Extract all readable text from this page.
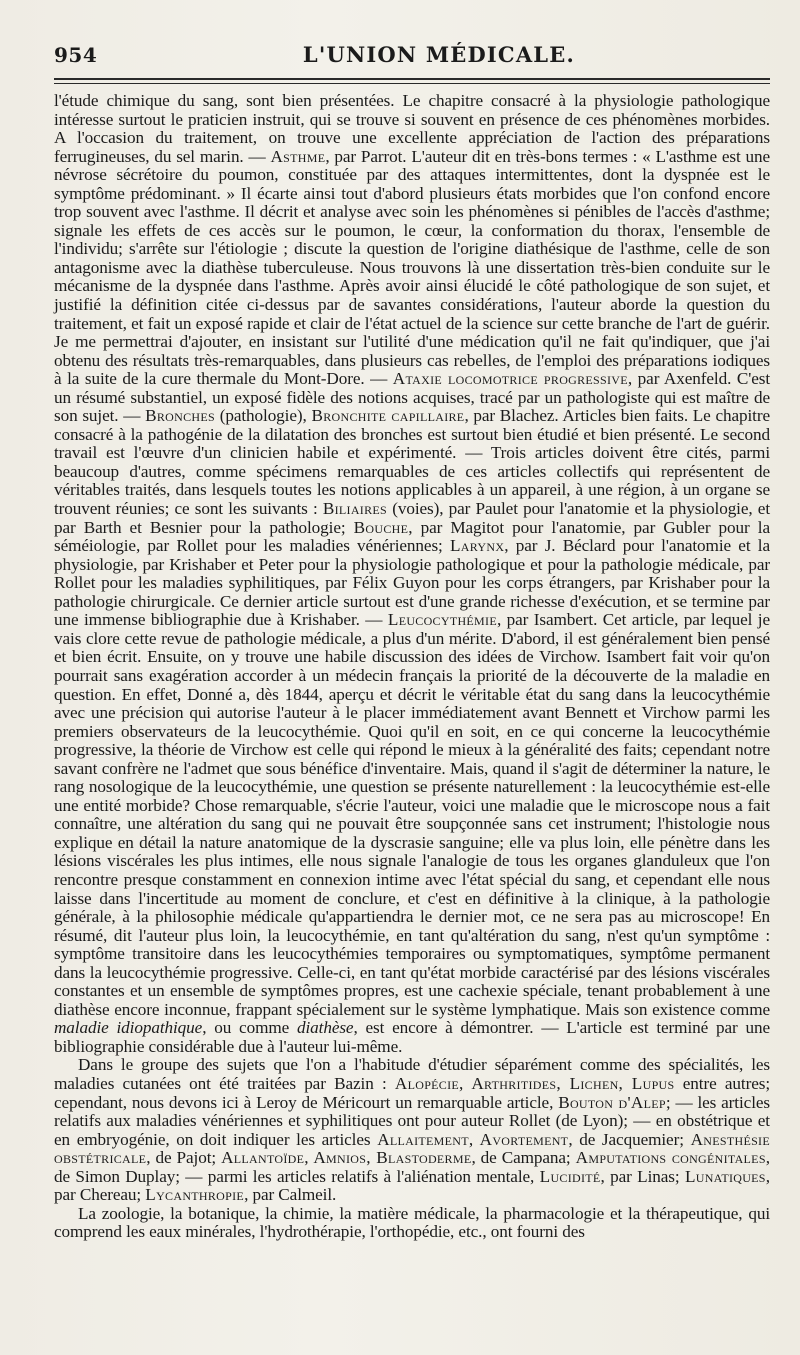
954	L'UNION MÉDICALE.

l'étude chimique du sang, sont bien présentées. Le chapitre consacré à la physiologie pathologique intéresse surtout le praticien instruit, qui se trouve si souvent en présence de ces phénomènes morbides. A l'occasion du traitement, on trouve une excellente appréciation de l'action des préparations ferrugineuses, du sel marin. — Asthme, par Parrot. L'auteur dit en très-bons termes : « L'asthme est une névrose sécrétoire du poumon, constituée par des attaques intermittentes, dont la dyspnée est le symptôme prédominant. » Il écarte ainsi tout d'abord plusieurs états morbides que l'on confond encore trop souvent avec l'asthme. Il décrit et analyse avec soin les phénomènes si pénibles de l'accès d'asthme; signale les effets de ces accès sur le poumon, le cœur, la conformation du thorax, l'ensemble de l'individu; s'arrête sur l'étiologie ; discute la question de l'origine diathésique de l'asthme, celle de son antagonisme avec la diathèse tuberculeuse. Nous trouvons là une dissertation très-bien conduite sur le mécanisme de la dyspnée dans l'asthme. Après avoir ainsi élucidé le côté pathologique de son sujet, et justifié la définition citée ci-dessus par de savantes considérations, l'auteur aborde la question du traitement, et fait un exposé rapide et clair de l'état actuel de la science sur cette branche de l'art de guérir. Je me permettrai d'ajouter, en insistant sur l'utilité d'une médication qu'il ne fait qu'indiquer, que j'ai obtenu des résultats très-remarquables, dans plusieurs cas rebelles, de l'emploi des préparations iodiques à la suite de la cure thermale du Mont-Dore. — Ataxie locomotrice progressive, par Axenfeld. C'est un résumé substantiel, un exposé fidèle des notions acquises, tracé par un pathologiste qui est maître de son sujet. — Bronches (pathologie), Bronchite capillaire, par Blachez. Articles bien faits. Le chapitre consacré à la pathogénie de la dilatation des bronches est surtout bien étudié et bien présenté. Le second travail est l'œuvre d'un clinicien habile et expérimenté. — Trois articles doivent être cités, parmi beaucoup d'autres, comme spécimens remarquables de ces articles collectifs qui représentent de véritables traités, dans lesquels toutes les notions applicables à un appareil, à une région, à un organe se trouvent réunies; ce sont les suivants : Biliaires (voies), par Paulet pour l'anatomie et la physiologie, et par Barth et Besnier pour la pathologie; Bouche, par Magitot pour l'anatomie, par Gubler pour la séméiologie, par Rollet pour les maladies vénériennes; Larynx, par J. Béclard pour l'anatomie et la physiologie, par Krishaber et Peter pour la physiologie pathologique et pour la pathologie médicale, par Rollet pour les maladies syphilitiques, par Félix Guyon pour les corps étrangers, par Krishaber pour la pathologie chirurgicale. Ce dernier article surtout est d'une grande richesse d'exécution, et se termine par une immense bibliographie due à Krishaber. — Leucocythémie, par Isambert. Cet article, par lequel je vais clore cette revue de pathologie médicale, a plus d'un mérite. D'abord, il est généralement bien pensé et bien écrit. Ensuite, on y trouve une habile discussion des idées de Virchow. Isambert fait voir qu'on pourrait sans exagération accorder à un médecin français la priorité de la découverte de la maladie en question. En effet, Donné a, dès 1844, aperçu et décrit le véritable état du sang dans la leucocythémie avec une précision qui autorise l'auteur à le placer immédiatement avant Bennett et Virchow parmi les premiers observateurs de la leucocythémie. Quoi qu'il en soit, en ce qui concerne la leucocythémie progressive, la théorie de Virchow est celle qui répond le mieux à la généralité des faits; cependant notre savant confrère ne l'admet que sous bénéfice d'inventaire. Mais, quand il s'agit de déterminer la nature, le rang nosologique de la leucocythémie, une question se présente naturellement : la leucocythémie est-elle une entité morbide? Chose remarquable, s'écrie l'auteur, voici une maladie que le microscope nous a fait connaître, une altération du sang qui ne pouvait être soupçonnée sans cet instrument; l'histologie nous explique en détail la nature anatomique de la dyscrasie sanguine; elle va plus loin, elle pénètre dans les lésions viscérales les plus intimes, elle nous signale l'analogie de tous les organes glanduleux que l'on rencontre presque constamment en connexion intime avec l'état spécial du sang, et cependant elle nous laisse dans l'incertitude au moment de conclure, et c'est en définitive à la clinique, à la pathologie générale, à la philosophie médicale qu'appartiendra le dernier mot, ce ne sera pas au microscope! En résumé, dit l'auteur plus loin, la leucocythémie, en tant qu'altération du sang, n'est qu'un symptôme : symptôme transitoire dans les leucocythémies temporaires ou symptomatiques, symptôme permanent dans la leucocythémie progressive. Celle-ci, en tant qu'état morbide caractérisé par des lésions viscérales constantes et un ensemble de symptômes propres, est une cachexie spéciale, tenant probablement à une diathèse encore inconnue, frappant spécialement sur le système lymphatique. Mais son existence comme maladie idiopathique, ou comme diathèse, est encore à démontrer. — L'article est terminé par une bibliographie considérable due à l'auteur lui-même.

Dans le groupe des sujets que l'on a l'habitude d'étudier séparément comme des spécialités, les maladies cutanées ont été traitées par Bazin : Alopécie, Arthritides, Lichen, Lupus entre autres; cependant, nous devons ici à Leroy de Méricourt un remarquable article, Bouton d'Alep; — les articles relatifs aux maladies vénériennes et syphilitiques ont pour auteur Rollet (de Lyon); — en obstétrique et en embryogénie, on doit indiquer les articles Allaitement, Avortement, de Jacquemier; Anesthésie obstétricale, de Pajot; Allantoïde, Amnios, Blastoderme, de Campana; Amputations congénitales, de Simon Duplay; — parmi les articles relatifs à l'aliénation mentale, Lucidité, par Linas; Lunatiques, par Chereau; Lycanthropie, par Calmeil.

La zoologie, la botanique, la chimie, la matière médicale, la pharmacologie et la thérapeutique, qui comprend les eaux minérales, l'hydrothérapie, l'orthopédie, etc., ont fourni des
